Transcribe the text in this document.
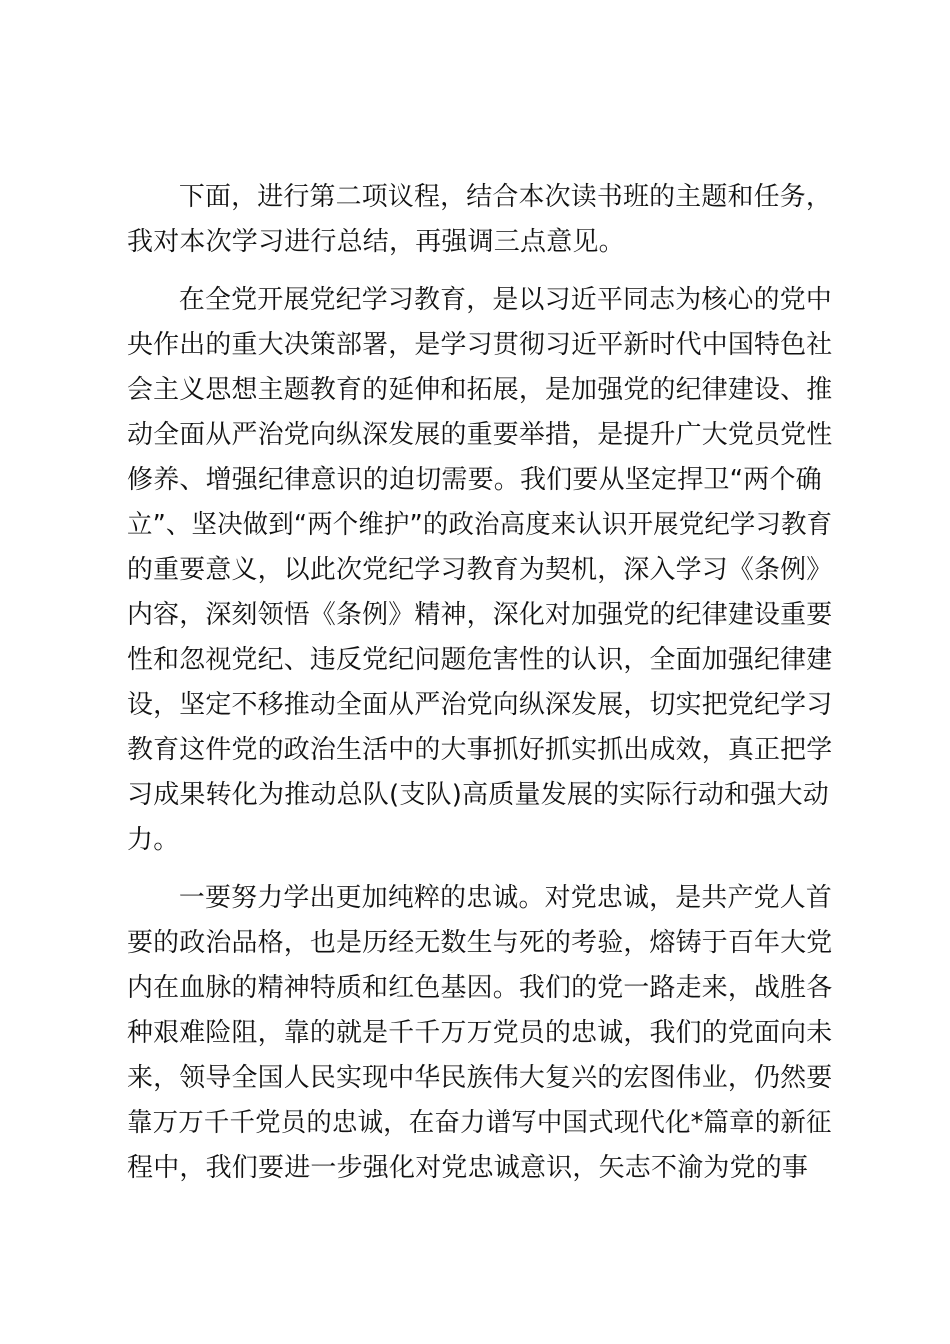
下面，进行第二项议程，结合本次读书班的主题和任务，
我对本次学习进行总结，再强调三点意见。
在全党开展党纪学习教育，是以习近平同志为核心的党中
央作出的重大决策部署，是学习贯彻习近平新时代中国特色社
会主义思想主题教育的延伸和拓展，是加强党的纪律建设、推
动全面从严治党向纵深发展的重要举措，是提升广大党员党性
修养、增强纪律意识的迫切需要。我们要从坚定捍卫“两个确
立”、坚决做到“两个维护”的政治高度来认识开展党纪学习教育
的重要意义，以此次党纪学习教育为契机，深入学习《条例》
内容，深刻领悟《条例》精神，深化对加强党的纪律建设重要
性和忽视党纪、违反党纪问题危害性的认识，全面加强纪律建
设，坚定不移推动全面从严治党向纵深发展，切实把党纪学习
教育这件党的政治生活中的大事抓好抓实抓出成效，真正把学
习成果转化为推动总队(支队)高质量发展的实际行动和强大动
力。
一要努力学出更加纯粹的忠诚。对党忠诚，是共产党人首
要的政治品格，也是历经无数生与死的考验，熔铸于百年大党
内在血脉的精神特质和红色基因。我们的党一路走来，战胜各
种艰难险阻，靠的就是千千万万党员的忠诚，我们的党面向未
来，领导全国人民实现中华民族伟大复兴的宏图伟业，仍然要
靠万万千千党员的忠诚，在奋力谱写中国式现代化*篇章的新征
程中，我们要进一步强化对党忠诚意识，矢志不渝为党的事
